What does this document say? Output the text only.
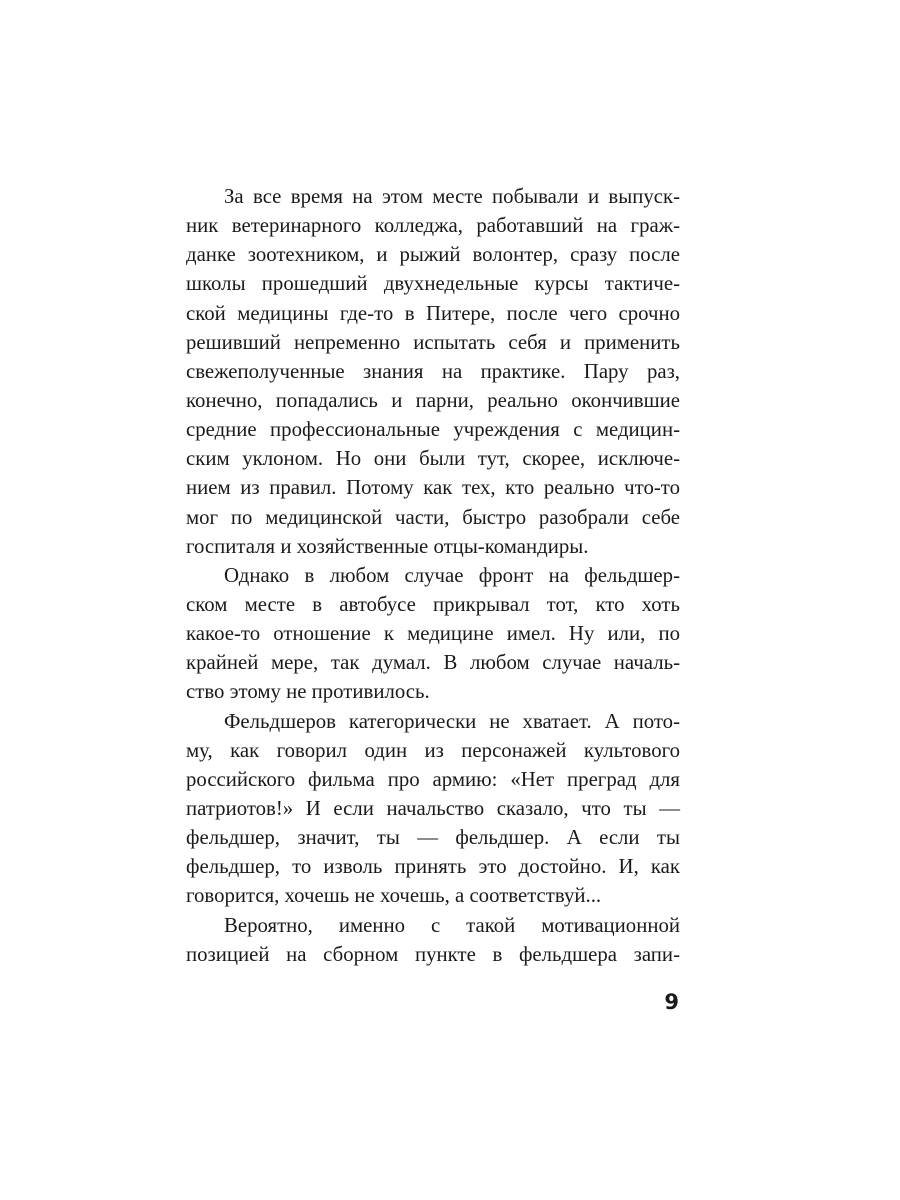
За все время на этом месте побывали и выпуск-
ник ветеринарного колледжа, работавший на граж-
данке зоотехником, и рыжий волонтер, сразу после
школы прошедший двухнедельные курсы тактиче-
ской медицины где-то в Питере, после чего срочно
решивший непременно испытать себя и применить
свежеполученные знания на практике. Пару раз,
конечно, попадались и парни, реально окончившие
средние профессиональные учреждения с медицин-
ским уклоном. Но они были тут, скорее, исключе-
нием из правил. Потому как тех, кто реально что-то
мог по медицинской части, быстро разобрали себе
госпиталя и хозяйственные отцы-командиры.
Однако в любом случае фронт на фельдшер-
ском месте в автобусе прикрывал тот, кто хоть
какое-то отношение к медицине имел. Ну или, по
крайней мере, так думал. В любом случае началь-
ство этому не противилось.
Фельдшеров категорически не хватает. А пото-
му, как говорил один из персонажей культового
российского фильма про армию: «Нет преград для
патриотов!» И если начальство сказало, что ты —
фельдшер, значит, ты — фельдшер. А если ты
фельдшер, то изволь принять это достойно. И, как
говорится, хочешь не хочешь, а соответствуй...
Вероятно, именно с такой мотивационной
позицией на сборном пункте в фельдшера запи-
9
